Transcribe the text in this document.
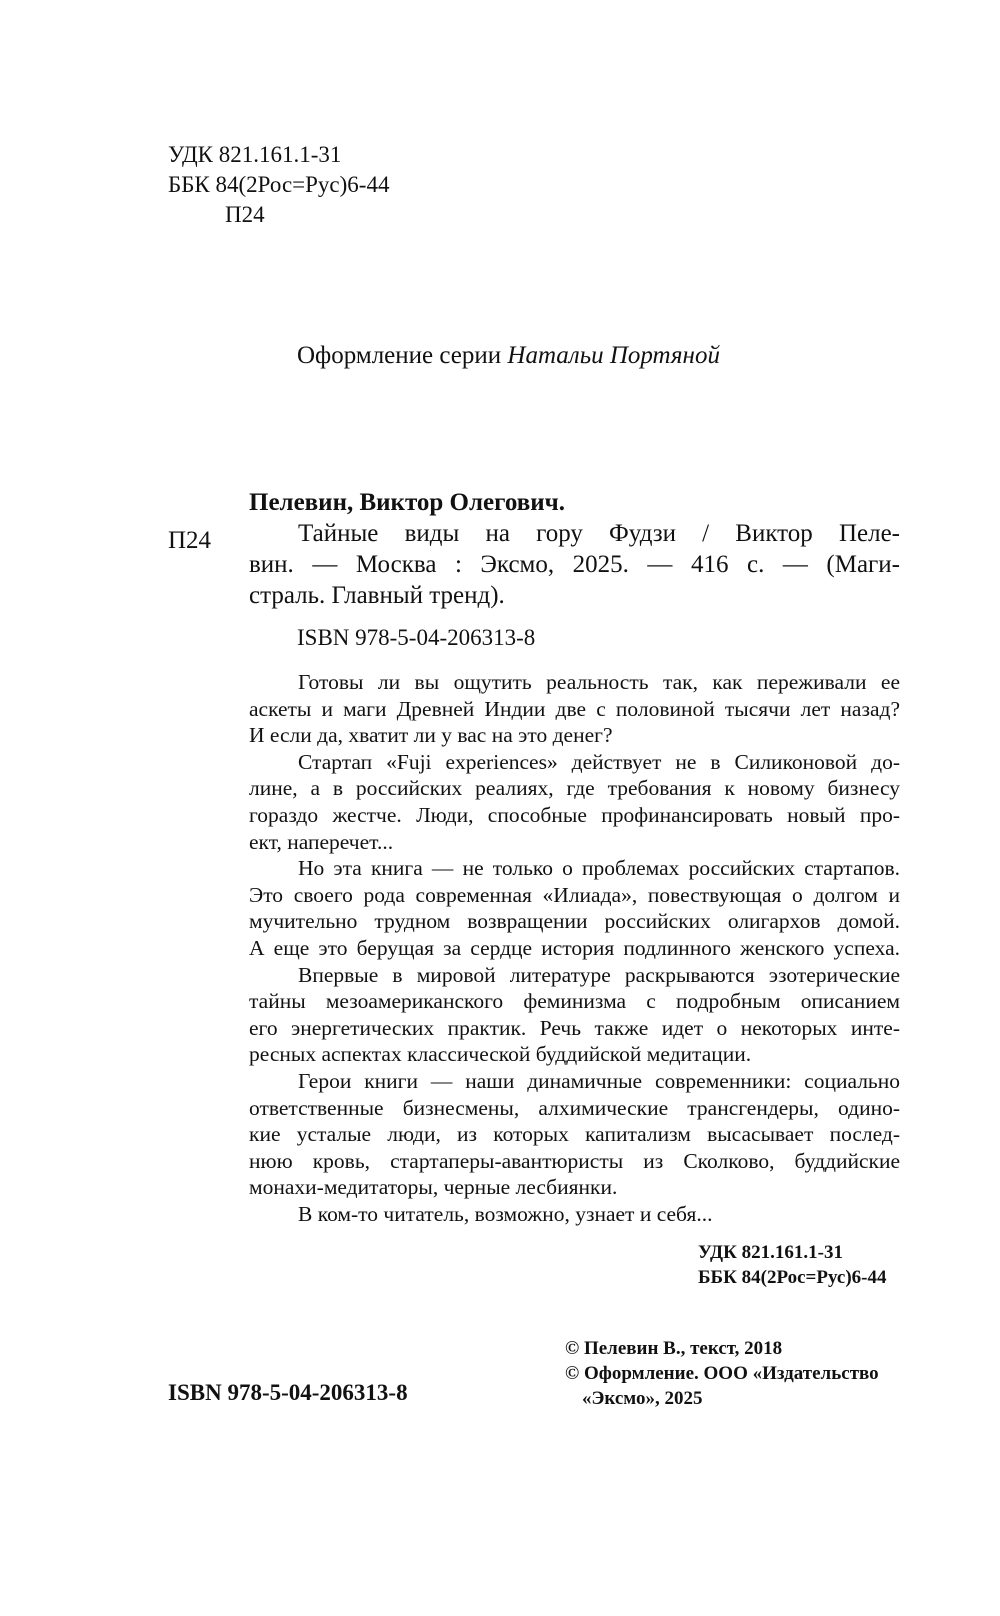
УДК 821.161.1-31
ББК 84(2Рос=Рус)6-44
П24
Оформление серии Натальи Портяной
П24
Пелевин, Виктор Олегович.
Тайные виды на гору Фудзи / Виктор Пеле-
вин. — Москва : Эксмо, 2025. — 416 с. — (Маги-
страль. Главный тренд).
ISBN 978-5-04-206313-8
Готовы ли вы ощутить реальность так, как переживали ее
аскеты и маги Древней Индии две с половиной тысячи лет назад?
И если да, хватит ли у вас на это денег?
Стартап «Fuji experiences» действует не в Силиконовой до-
лине, а в российских реалиях, где требования к новому бизнесу
гораздо жестче. Люди, способные профинансировать новый про-
ект, наперечет...
Но эта книга — не только о проблемах российских стартапов.
Это своего рода современная «Илиада», повествующая о долгом и
мучительно трудном возвращении российских олигархов домой.
А еще это берущая за сердце история подлинного женского успеха.
Впервые в мировой литературе раскрываются эзотерические
тайны мезоамериканского феминизма с подробным описанием
его энергетических практик. Речь также идет о некоторых инте-
ресных аспектах классической буддийской медитации.
Герои книги — наши динамичные современники: социально
ответственные бизнесмены, алхимические трансгендеры, одино-
кие усталые люди, из которых капитализм высасывает послед-
нюю кровь, стартаперы-авантюристы из Сколково, буддийские
монахи-медитаторы, черные лесбиянки.
В ком-то читатель, возможно, узнает и себя...
УДК 821.161.1-31
ББК 84(2Рос=Рус)6-44
ISBN 978-5-04-206313-8
© Пелевин В., текст, 2018
© Оформление. ООО «Издательство
«Эксмо», 2025
